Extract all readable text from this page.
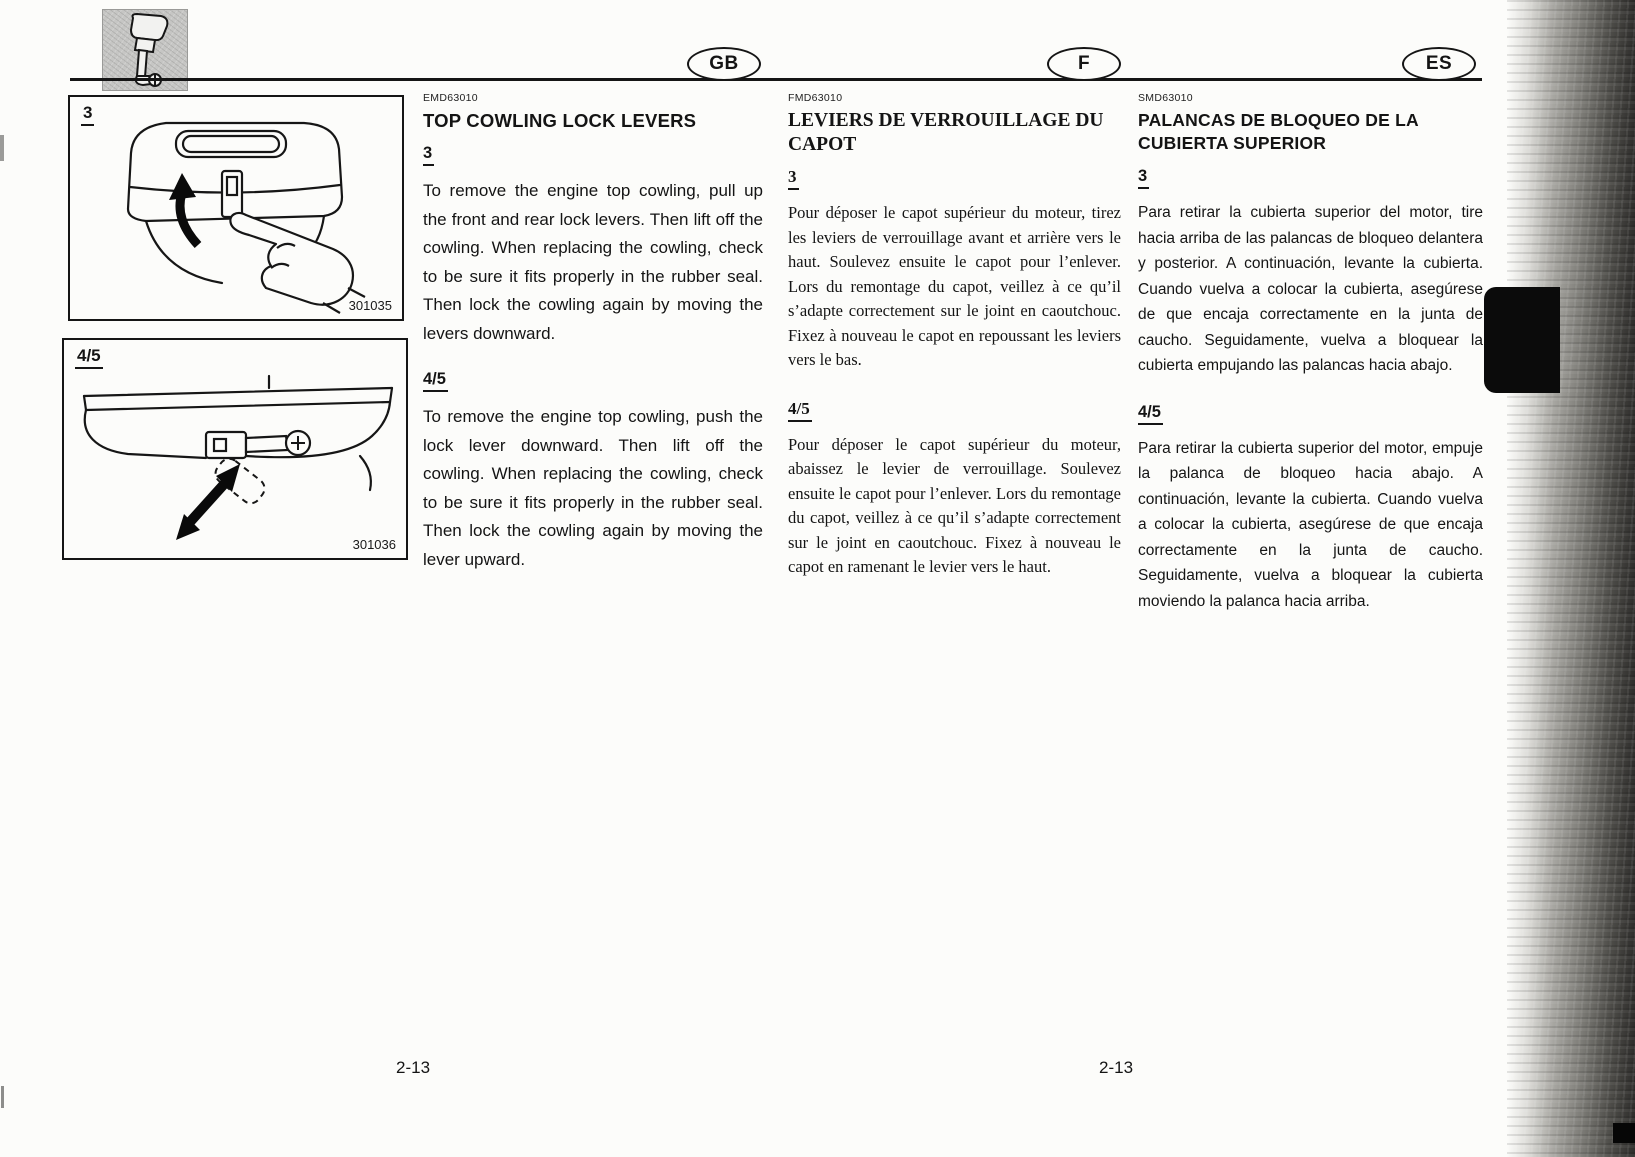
GB	F	ES
3
301035
4/5
301036
EMD63010
TOP COWLING LOCK LEVERS
3

To remove the engine top cowling, pull up the front and rear lock levers. Then lift off the cowling. When replacing the cowling, check to be sure it fits properly in the rubber seal. Then lock the cowling again by moving the levers downward.

4/5

To remove the engine top cowling, push the lock lever downward. Then lift off the cowling. When replacing the cowling, check to be sure it fits properly in the rubber seal. Then lock the cowling again by moving the lever upward.

FMD63010
LEVIERS DE VERROUILLAGE DU CAPOT
3

Pour déposer le capot supérieur du moteur, tirez les leviers de verrouillage avant et arrière vers le haut. Soulevez ensuite le capot pour l’enlever. Lors du remontage du capot, veillez à ce qu’il s’adapte correctement sur le joint en caoutchouc. Fixez à nouveau le capot en repoussant les leviers vers le bas.

4/5

Pour déposer le capot supérieur du moteur, abaissez le levier de verrouillage. Soulevez ensuite le capot pour l’enlever. Lors du remontage du capot, veillez à ce qu’il s’adapte correctement sur le joint en caoutchouc. Fixez à nouveau le capot en ramenant le levier vers le haut.

SMD63010
PALANCAS DE BLOQUEO DE LA CUBIERTA SUPERIOR
3

Para retirar la cubierta superior del motor, tire hacia arriba de las palancas de bloqueo delantera y posterior. A continuación, levante la cubierta. Cuando vuelva a colocar la cubierta, asegúrese de que encaja correctamente en la junta de caucho. Seguidamente, vuelva a bloquear la cubierta empujando las palancas hacia abajo.

4/5

Para retirar la cubierta superior del motor, empuje la palanca de bloqueo hacia abajo. A continuación, levante la cubierta. Cuando vuelva a colocar la cubierta, asegúrese de que encaja correctamente en la junta de caucho. Seguidamente, vuelva a bloquear la cubierta moviendo la palanca hacia arriba.

2-13	2-13
